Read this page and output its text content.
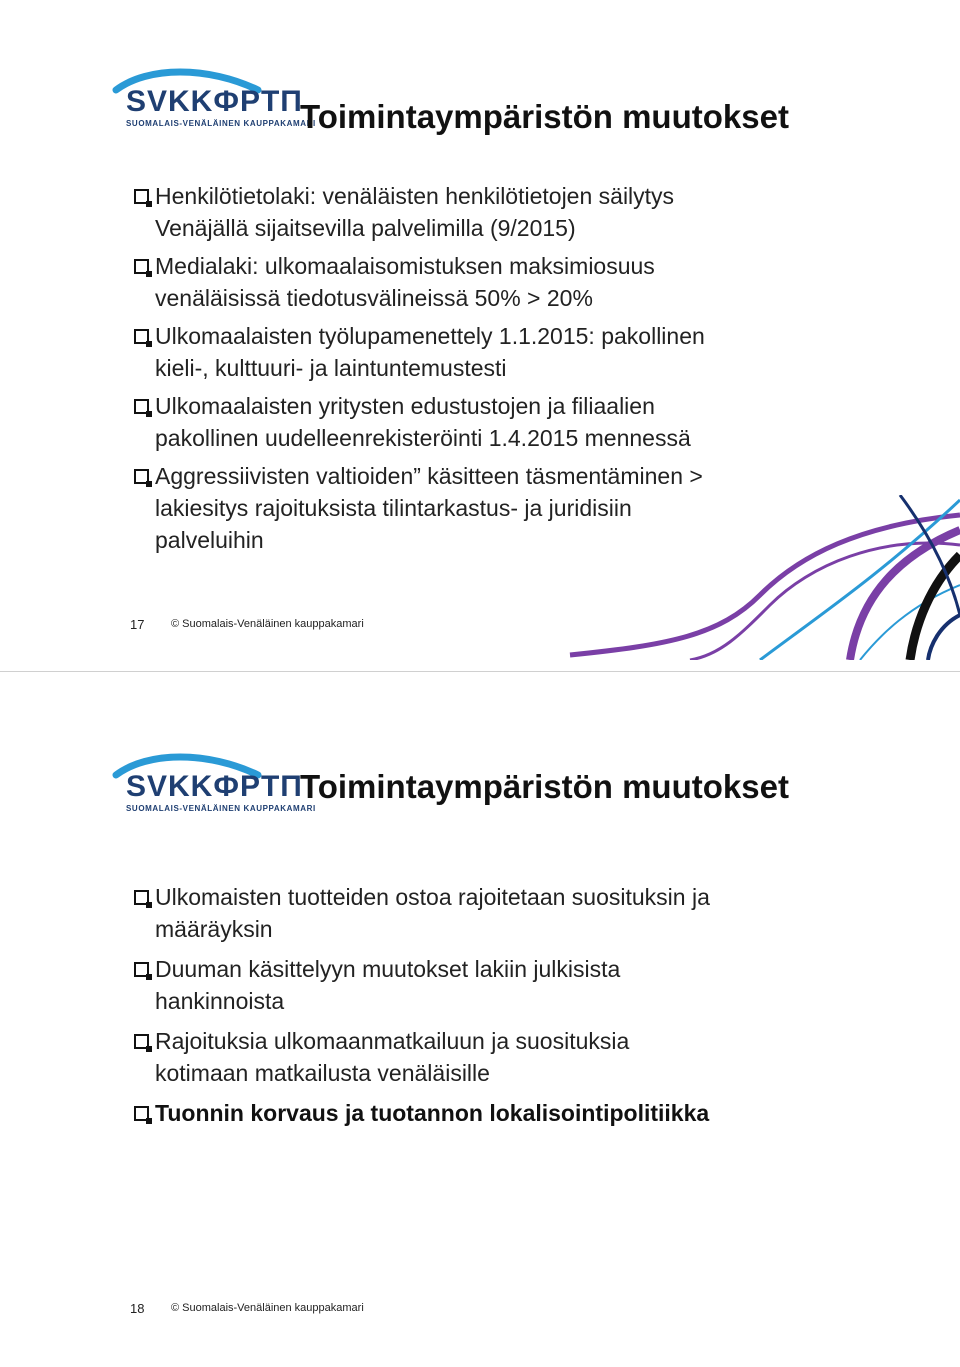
SVKKФPTП
SUOMALAIS-VENÄLÄINEN KAUPPAKAMARI
Toimintaympäristön muutokset
Henkilötietolaki: venäläisten henkilötietojen säilytys
Venäjällä sijaitsevilla palvelimilla (9/2015)
Medialaki: ulkomaalaisomistuksen maksimiosuus
venäläisissä tiedotusvälineissä 50% > 20%
Ulkomaalaisten työlupamenettely 1.1.2015: pakollinen
kieli-, kulttuuri- ja laintuntemustesti
Ulkomaalaisten yritysten edustustojen ja filiaalien
pakollinen uudelleenrekisteröinti 1.4.2015 mennessä
Aggressiivisten valtioiden” käsitteen täsmentäminen >
lakiesitys rajoituksista tilintarkastus- ja juridisiin
palveluihin
17 © Suomalais-Venäläinen kauppakamari
SVKKФPTП
SUOMALAIS-VENÄLÄINEN KAUPPAKAMARI
Toimintaympäristön muutokset
Ulkomaisten tuotteiden ostoa rajoitetaan suosituksin ja
määräyksin
Duuman käsittelyyn muutokset lakiin julkisista
hankinnoista
Rajoituksia ulkomaanmatkailuun ja suosituksia
kotimaan matkailusta venäläisille
Tuonnin korvaus ja tuotannon lokalisointipolitiikka
18 © Suomalais-Venäläinen kauppakamari
